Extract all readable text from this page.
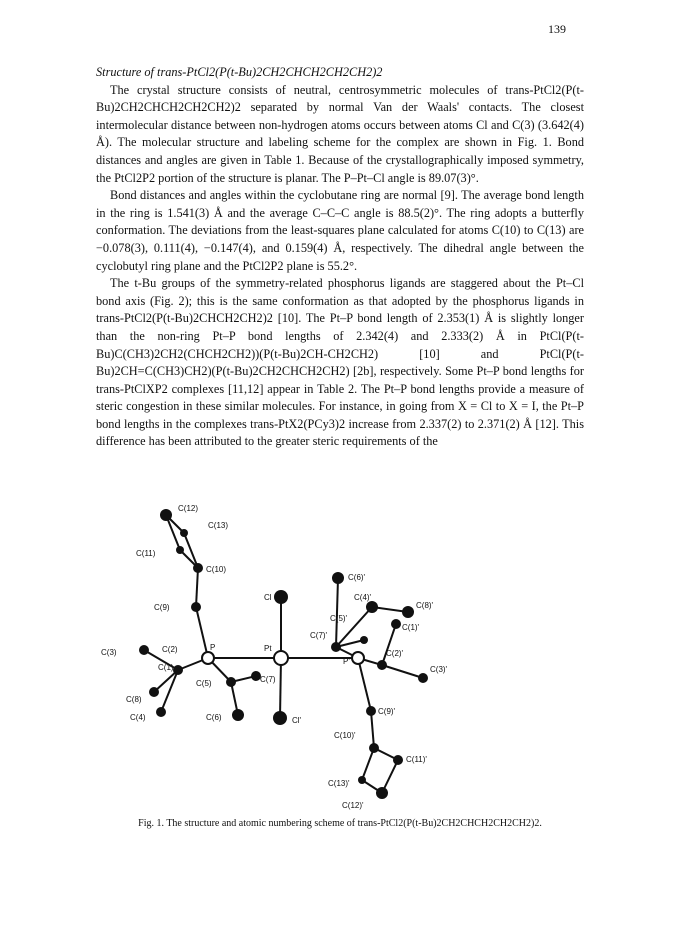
139

Structure of trans-PtCl2(P(t-Bu)2CH2CHCH2CH2CH2)2

The crystal structure consists of neutral, centrosymmetric molecules of trans-PtCl2(P(t-Bu)2CH2CHCH2CH2CH2)2 separated by normal Van der Waals' contacts. The closest intermolecular distance between non-hydrogen atoms occurs between atoms Cl and C(3) (3.642(4) Å). The molecular structure and labeling scheme for the complex are shown in Fig. 1. Bond distances and angles are given in Table 1. Because of the crystallographically imposed symmetry, the PtCl2P2 portion of the structure is planar. The P–Pt–Cl angle is 89.07(3)°.

Bond distances and angles within the cyclobutane ring are normal [9]. The average bond length in the ring is 1.541(3) Å and the average C–C–C angle is 88.5(2)°. The ring adopts a butterfly conformation. The deviations from the least-squares plane calculated for atoms C(10) to C(13) are −0.078(3), 0.111(4), −0.147(4), and 0.159(4) Å, respectively. The dihedral angle between the cyclobutyl ring plane and the PtCl2P2 plane is 55.2°.

The t-Bu groups of the symmetry-related phosphorus ligands are staggered about the Pt–Cl bond axis (Fig. 2); this is the same conformation as that adopted by the phosphorus ligands in trans-PtCl2(P(t-Bu)2CHCH2CH2)2 [10]. The Pt–P bond length of 2.353(1) Å is slightly longer than the non-ring Pt–P bond lengths of 2.342(4) and 2.333(2) Å in PtCl(P(t-Bu)C(CH3)2CH2(CHCH2CH2))(P(t-Bu)2CH-CH2CH2) [10] and PtCl(P(t-Bu)2CH=C(CH3)CH2)(P(t-Bu)2CH2CHCH2CH2) [2b], respectively. Some Pt–P bond lengths for trans-PtClXP2 complexes [11,12] appear in Table 2. The Pt–P bond lengths provide a measure of steric congestion in these similar molecules. For instance, in going from X = Cl to X = I, the Pt–P bond lengths in the complexes trans-PtX2(PCy3)2 increase from 2.337(2) to 2.371(2) Å [12]. This difference has been attributed to the greater steric requirements of the

C(12)
C(13)
C(11)
C(10)
C(9)
Cl
C(3)	C(2)
C(1)
P	Pt
C(5)	C(7)
C(8)
C(4)	C(6)	Cl'
C(6)'
C(4)'
C(8)'
C(5)'
C(1)'
C(7)'
P'
C(2)'
C(3)'
C(9)'
C(10)'
C(11)'
C(13)'
C(12)'
Fig. 1. The structure and atomic numbering scheme of trans-PtCl2(P(t-Bu)2CH2CHCH2CH2CH2)2.
